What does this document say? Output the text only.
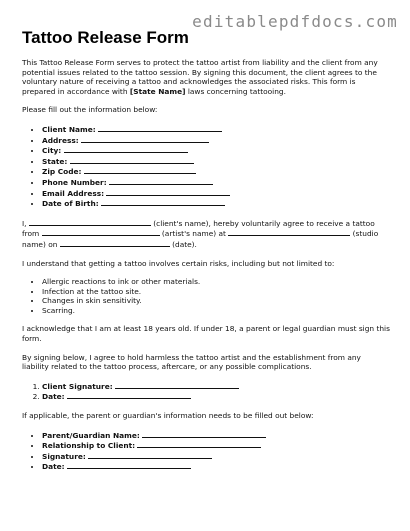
editablepdfdocs.com
Tattoo Release Form

This Tattoo Release Form serves to protect the tattoo artist from liability and the client from any potential issues related to the tattoo session. By signing this document, the client agrees to the voluntary nature of receiving a tattoo and acknowledges the associated risks. This form is prepared in accordance with [State Name] laws concerning tattooing.

Please fill out the information below:

• Client Name:
• Address:
• City:
• State:
• Zip Code:
• Phone Number:
• Email Address:
• Date of Birth:

I,	(client's name), hereby voluntarily agree to receive a tattoo from	(artist's name) at	(studio name) on	(date).

I understand that getting a tattoo involves certain risks, including but not limited to:

• Allergic reactions to ink or other materials.
• Infection at the tattoo site.
• Changes in skin sensitivity.
• Scarring.

I acknowledge that I am at least 18 years old. If under 18, a parent or legal guardian must sign this form.

By signing below, I agree to hold harmless the tattoo artist and the establishment from any liability related to the tattoo process, aftercare, or any possible complications.

1. Client Signature:
2. Date:

If applicable, the parent or guardian's information needs to be filled out below:

• Parent/Guardian Name:
• Relationship to Client:
• Signature:
• Date:
